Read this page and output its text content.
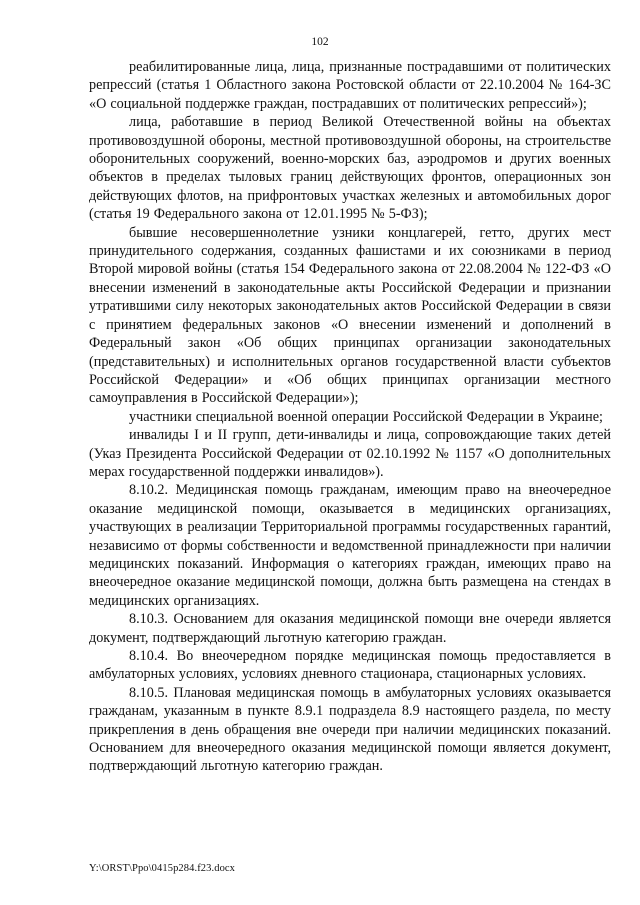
102

реабилитированные лица, лица, признанные пострадавшими от политических репрессий (статья 1 Областного закона Ростовской области от 22.10.2004 № 164-ЗС «О социальной поддержке граждан, пострадавших от политических репрессий»);

лица, работавшие в период Великой Отечественной войны на объектах противовоздушной обороны, местной противовоздушной обороны, на строительстве оборонительных сооружений, военно-морских баз, аэродромов и других военных объектов в пределах тыловых границ действующих фронтов, операционных зон действующих флотов, на прифронтовых участках железных и автомобильных дорог (статья 19 Федерального закона от 12.01.1995 № 5-ФЗ);

бывшие несовершеннолетние узники концлагерей, гетто, других мест принудительного содержания, созданных фашистами и их союзниками в период Второй мировой войны (статья 154 Федерального закона от 22.08.2004 № 122-ФЗ «О внесении изменений в законодательные акты Российской Федерации и признании утратившими силу некоторых законодательных актов Российской Федерации в связи с принятием федеральных законов «О внесении изменений и дополнений в Федеральный закон «Об общих принципах организации законодательных (представительных) и исполнительных органов государственной власти субъектов Российской Федерации» и «Об общих принципах организации местного самоуправления в Российской Федерации»);

участники специальной военной операции Российской Федерации в Украине;

инвалиды I и II групп, дети-инвалиды и лица, сопровождающие таких детей (Указ Президента Российской Федерации от 02.10.1992 № 1157 «О дополнительных мерах государственной поддержки инвалидов»).

8.10.2. Медицинская помощь гражданам, имеющим право на внеочередное оказание медицинской помощи, оказывается в медицинских организациях, участвующих в реализации Территориальной программы государственных гарантий, независимо от формы собственности и ведомственной принадлежности при наличии медицинских показаний. Информация о категориях граждан, имеющих право на внеочередное оказание медицинской помощи, должна быть размещена на стендах в медицинских организациях.

8.10.3. Основанием для оказания медицинской помощи вне очереди является документ, подтверждающий льготную категорию граждан.

8.10.4. Во внеочередном порядке медицинская помощь предоставляется в амбулаторных условиях, условиях дневного стационара, стационарных условиях.

8.10.5. Плановая медицинская помощь в амбулаторных условиях оказывается гражданам, указанным в пункте 8.9.1 подраздела 8.9 настоящего раздела, по месту прикрепления в день обращения вне очереди при наличии медицинских показаний. Основанием для внеочередного оказания медицинской помощи является документ, подтверждающий льготную категорию граждан.

Y:\ORST\Ppo\0415p284.f23.docx
